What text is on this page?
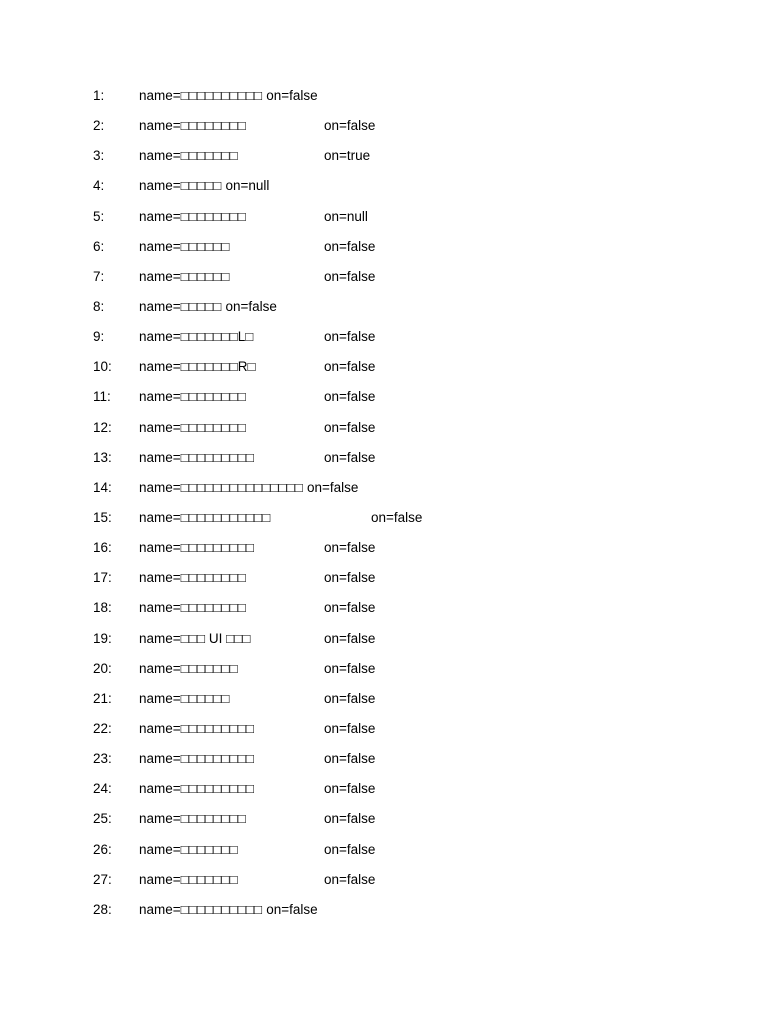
1:	name=□□□□□□□□□□ on=false
2:	name=□□□□□□□□	on=false
3:	name=□□□□□□□	on=true
4:	name=□□□□□ on=null
5:	name=□□□□□□□□	on=null
6:	name=□□□□□□	on=false
7:	name=□□□□□□	on=false
8:	name=□□□□□ on=false
9:	name=□□□□□□□L□	on=false
10: name=□□□□□□□R□	on=false
11: name=□□□□□□□□	on=false
12: name=□□□□□□□□	on=false
13: name=□□□□□□□□□	on=false
14: name=□□□□□□□□□□□□□□□ on=false
15: name=□□□□□□□□□□□	on=false
16: name=□□□□□□□□□	on=false
17: name=□□□□□□□□	on=false
18: name=□□□□□□□□	on=false
19: name=□□□ UI □□□	on=false
20: name=□□□□□□□	on=false
21: name=□□□□□□	on=false
22: name=□□□□□□□□□	on=false
23: name=□□□□□□□□□	on=false
24: name=□□□□□□□□□	on=false
25: name=□□□□□□□□	on=false
26: name=□□□□□□□	on=false
27: name=□□□□□□□	on=false
28: name=□□□□□□□□□□ on=false
